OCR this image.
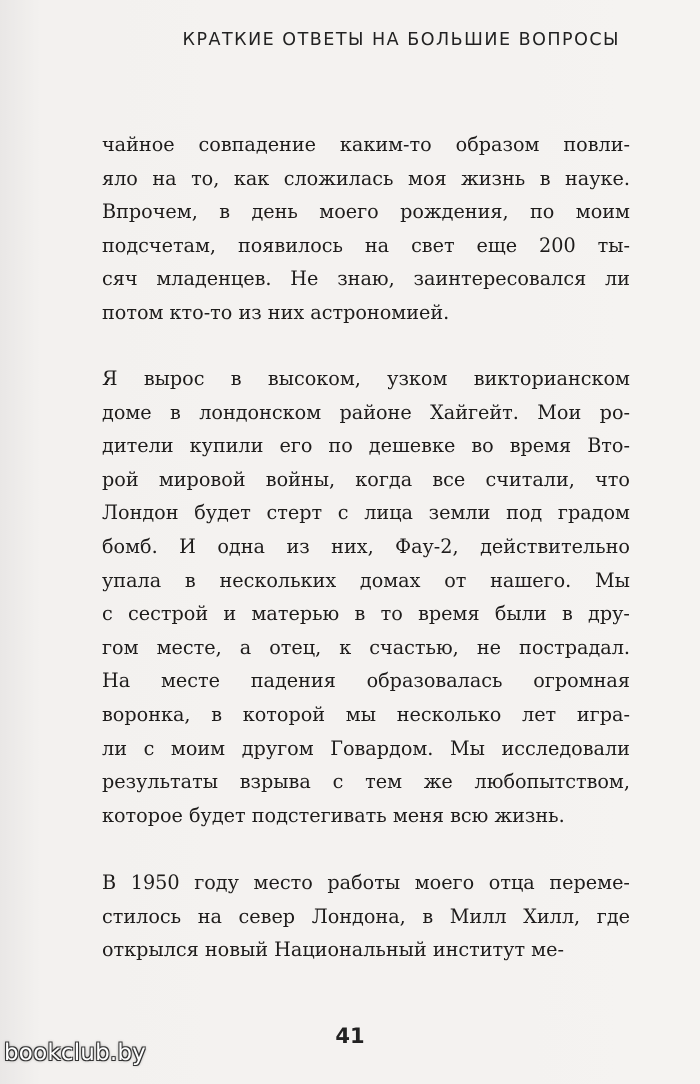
КРАТКИЕ ОТВЕТЫ НА БОЛЬШИЕ ВОПРОСЫ
чайное совпадение каким-то образом повли-
яло на то, как сложилась моя жизнь в науке.
Впрочем, в день моего рождения, по моим
подсчетам, появилось на свет еще 200 ты-
сяч младенцев. Не знаю, заинтересовался ли
потом кто-то из них астрономией.
Я вырос в высоком, узком викторианском
доме в лондонском районе Хайгейт. Мои ро-
дители купили его по дешевке во время Вто-
рой мировой войны, когда все считали, что
Лондон будет стерт с лица земли под градом
бомб. И одна из них, Фау-2, действительно
упала в нескольких домах от нашего. Мы
с сестрой и матерью в то время были в дру-
гом месте, а отец, к счастью, не пострадал.
На месте падения образовалась огромная
воронка, в которой мы несколько лет игра-
ли с моим другом Говардом. Мы исследовали
результаты взрыва с тем же любопытством,
которое будет подстегивать меня всю жизнь.
В 1950 году место работы моего отца переме-
стилось на север Лондона, в Милл Хилл, где
открылся новый Национальный институт ме-
41
bookclub.by
